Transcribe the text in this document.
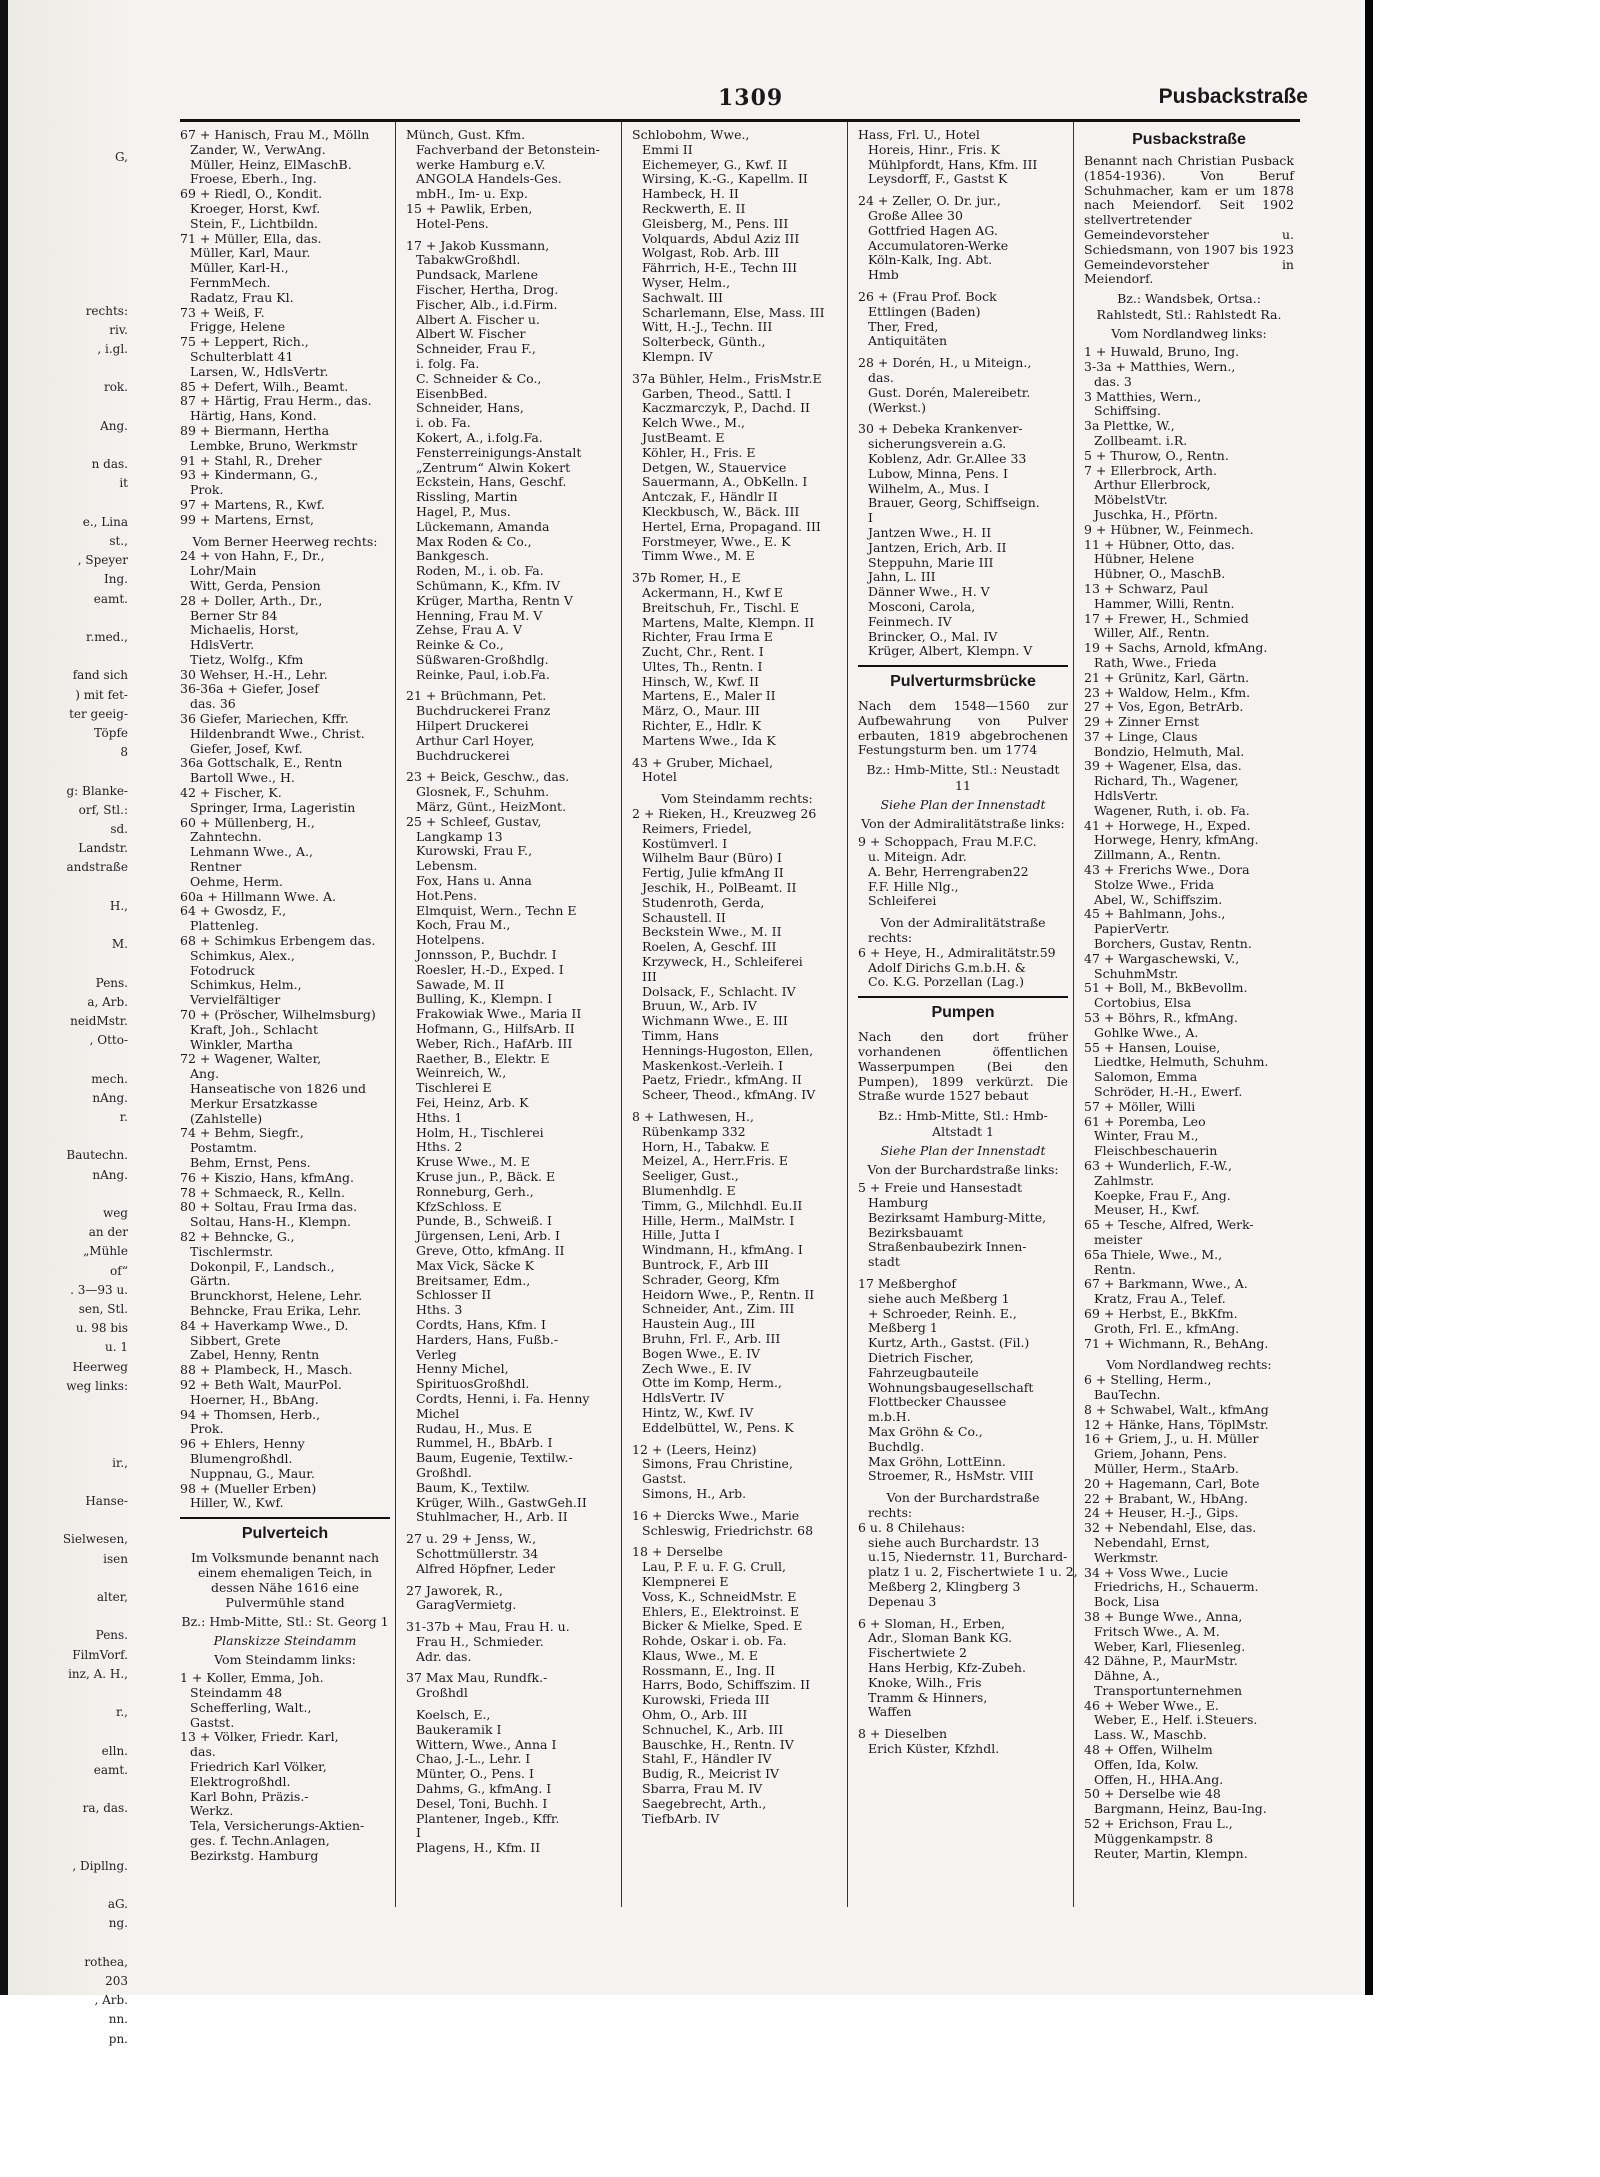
G,
rechts:
riv.
, i.gl.
rok.
Ang.
n das.
it
e., Lina
st.,
, Speyer
Ing.
eamt.
r.med.,
fand sich
) mit fet-
ter geeig-
Töpfe
8
g: Blanke-
orf, Stl.:
sd.
Landstr.
andstraße
H.,
M.
Pens.
a, Arb.
neidMstr.
, Otto-
mech.
nAng.
r.
Bautechn.
nAng.
weg
an der
„Mühle
of“
. 3—93 u.
sen, Stl.
u. 98 bis
u. 1
Heerweg
weg links:
ir.,
Hanse-
Sielwesen,
isen
alter,
Pens.
FilmVorf.
inz, A. H.,
r.,
elln.
eamt.
ra, das.
, Dipllng.
aG.
ng.
rothea,
203
, Arb.
nn.
pn.
1309	Pusbackstraße
67 + Hanisch, Frau M., Mölln
Zander, W., VerwAng.
Müller, Heinz, ElMaschB.
Froese, Eberh., Ing.
69 + Riedl, O., Kondit.
Kroeger, Horst, Kwf.
Stein, F., Lichtbildn.
71 + Müller, Ella, das.
Müller, Karl, Maur.
Müller, Karl-H.,
FernmMech.
Radatz, Frau Kl.
73 + Weiß, F.
Frigge, Helene
75 + Leppert, Rich.,
Schulterblatt 41
Larsen, W., HdlsVertr.
85 + Defert, Wilh., Beamt.
87 + Härtig, Frau Herm., das.
Härtig, Hans, Kond.
89 + Biermann, Hertha
Lembke, Bruno, Werkmstr
91 + Stahl, R., Dreher
93 + Kindermann, G.,
Prok.
97 + Martens, R., Kwf.
99 + Martens, Ernst,
Vom Berner Heerweg rechts:
24 + von Hahn, F., Dr.,
Lohr/Main
Witt, Gerda, Pension
28 + Doller, Arth., Dr.,
Berner Str 84
Michaelis, Horst,
HdlsVertr.
Tietz, Wolfg., Kfm
30 Wehser, H.-H., Lehr.
36-36a + Giefer, Josef
das. 36
36 Giefer, Mariechen, Kffr.
Hildenbrandt Wwe., Christ.
Giefer, Josef, Kwf.
36a Gottschalk, E., Rentn
Bartoll Wwe., H.
42 + Fischer, K.
Springer, Irma, Lageristin
60 + Müllenberg, H.,
Zahntechn.
Lehmann Wwe., A.,
Rentner
Oehme, Herm.
60a + Hillmann Wwe. A.
64 + Gwosdz, F.,
Plattenleg.
68 + Schimkus Erbengem das.
Schimkus, Alex.,
Fotodruck
Schimkus, Helm.,
Vervielfältiger
70 + (Pröscher, Wilhelmsburg)
Kraft, Joh., Schlacht
Winkler, Martha
72 + Wagener, Walter,
Ang.
Hanseatische von 1826 und
Merkur Ersatzkasse
(Zahlstelle)
74 + Behm, Siegfr.,
Postamtm.
Behm, Ernst, Pens.
76 + Kiszio, Hans, kfmAng.
78 + Schmaeck, R., Kelln.
80 + Soltau, Frau Irma das.
Soltau, Hans-H., Klempn.
82 + Behncke, G.,
Tischlermstr.
Dokonpil, F., Landsch.,
Gärtn.
Brunckhorst, Helene, Lehr.
Behncke, Frau Erika, Lehr.
84 + Haverkamp Wwe., D.
Sibbert, Grete
Zabel, Henny, Rentn
88 + Plambeck, H., Masch.
92 + Beth Walt, MaurPol.
Hoerner, H., BbAng.
94 + Thomsen, Herb.,
Prok.
96 + Ehlers, Henny
Blumengroßhdl.
Nuppnau, G., Maur.
98 + (Mueller Erben)
Hiller, W., Kwf.
Pulverteich
Im Volksmunde benannt nach einem ehemaligen Teich, in dessen Nähe 1616 eine Pulvermühle stand
Bz.: Hmb-Mitte, Stl.: St. Georg 1
Planskizze Steindamm
Vom Steindamm links:
1 + Koller, Emma, Joh.
Steindamm 48
Schefferling, Walt.,
Gastst.
13 + Völker, Friedr. Karl,
das.
Friedrich Karl Völker,
Elektrogroßhdl.
Karl Bohn, Präzis.-
Werkz.
Tela, Versicherungs-Aktien-
ges. f. Techn.Anlagen,
Bezirkstg. Hamburg
Münch, Gust. Kfm.
Fachverband der Betonstein-
werke Hamburg e.V.
ANGOLA Handels-Ges.
mbH., Im- u. Exp.
15 + Pawlik, Erben,
Hotel-Pens.
17 + Jakob Kussmann,
TabakwGroßhdl.
Pundsack, Marlene
Fischer, Hertha, Drog.
Fischer, Alb., i.d.Firm.
Albert A. Fischer u.
Albert W. Fischer
Schneider, Frau F.,
i. folg. Fa.
C. Schneider & Co.,
EisenbBed.
Schneider, Hans,
i. ob. Fa.
Kokert, A., i.folg.Fa.
Fensterreinigungs-Anstalt
„Zentrum“ Alwin Kokert
Eckstein, Hans, Geschf.
Rissling, Martin
Hagel, P., Mus.
Lückemann, Amanda
Max Roden & Co.,
Bankgesch.
Roden, M., i. ob. Fa.
Schümann, K., Kfm. IV
Krüger, Martha, Rentn V
Henning, Frau M. V
Zehse, Frau A. V
Reinke & Co.,
Süßwaren-Großhdlg.
Reinke, Paul, i.ob.Fa.
21 + Brüchmann, Pet.
Buchdruckerei Franz
Hilpert Druckerei
Arthur Carl Hoyer,
Buchdruckerei
23 + Beick, Geschw., das.
Glosnek, F., Schuhm.
März, Günt., HeizMont.
25 + Schleef, Gustav,
Langkamp 13
Kurowski, Frau F.,
Lebensm.
Fox, Hans u. Anna
Hot.Pens.
Elmquist, Wern., Techn E
Koch, Frau M.,
Hotelpens.
Jonnsson, P., Buchdr. I
Roesler, H.-D., Exped. I
Sawade, M. II
Bulling, K., Klempn. I
Frakowiak Wwe., Maria II
Hofmann, G., HilfsArb. II
Weber, Rich., HafArb. III
Raether, B., Elektr. E
Weinreich, W.,
Tischlerei E
Fei, Heinz, Arb. K
Hths. 1
Holm, H., Tischlerei
Hths. 2
Kruse Wwe., M. E
Kruse jun., P., Bäck. E
Ronneburg, Gerh.,
KfzSchloss. E
Punde, B., Schweiß. I
Jürgensen, Leni, Arb. I
Greve, Otto, kfmAng. II
Max Vick, Säcke K
Breitsamer, Edm.,
Schlosser II
Hths. 3
Cordts, Hans, Kfm. I
Harders, Hans, Fußb.-
Verleg
Henny Michel,
SpirituosGroßhdl.
Cordts, Henni, i. Fa. Henny
Michel
Rudau, H., Mus. E
Rummel, H., BbArb. I
Baum, Eugenie, Textilw.-
Großhdl.
Baum, K., Textilw.
Krüger, Wilh., GastwGeh.II
Stuhlmacher, H., Arb. II
27 u. 29 + Jenss, W.,
Schottmüllerstr. 34
Alfred Höpfner, Leder
27 Jaworek, R.,
GaragVermietg.
31-37b + Mau, Frau H. u.
Frau H., Schmieder.
Adr. das.
37 Max Mau, Rundfk.-
Großhdl
Koelsch, E.,
Baukeramik I
Wittern, Wwe., Anna I
Chao, J.-L., Lehr. I
Münter, O., Pens. I
Dahms, G., kfmAng. I
Desel, Toni, Buchh. I
Plantener, Ingeb., Kffr.
I
Plagens, H., Kfm. II
Schlobohm, Wwe.,
Emmi II
Eichemeyer, G., Kwf. II
Wirsing, K.-G., Kapellm. II
Hambeck, H. II
Reckwerth, E. II
Gleisberg, M., Pens. III
Volquards, Abdul Aziz III
Wolgast, Rob. Arb. III
Fährrich, H-E., Techn III
Wyser, Helm.,
Sachwalt. III
Scharlemann, Else, Mass. III
Witt, H.-J., Techn. III
Solterbeck, Günth.,
Klempn. IV
37a Bühler, Helm., FrisMstr.E
Garben, Theod., Sattl. I
Kaczmarczyk, P., Dachd. II
Kelch Wwe., M.,
JustBeamt. E
Köhler, H., Fris. E
Detgen, W., Stauervice
Sauermann, A., ObKelln. I
Antczak, F., Händlr II
Kleckbusch, W., Bäck. III
Hertel, Erna, Propagand. III
Forstmeyer, Wwe., E. K
Timm Wwe., M. E
37b Romer, H., E
Ackermann, H., Kwf E
Breitschuh, Fr., Tischl. E
Martens, Malte, Klempn. II
Richter, Frau Irma E
Zucht, Chr., Rent. I
Ultes, Th., Rentn. I
Hinsch, W., Kwf. II
Martens, E., Maler II
März, O., Maur. III
Richter, E., Hdlr. K
Martens Wwe., Ida K
43 + Gruber, Michael,
Hotel
Vom Steindamm rechts:
2 + Rieken, H., Kreuzweg 26
Reimers, Friedel,
Kostümverl. I
Wilhelm Baur (Büro) I
Fertig, Julie kfmAng II
Jeschik, H., PolBeamt. II
Studenroth, Gerda,
Schaustell. II
Beckstein Wwe., M. II
Roelen, A, Geschf. III
Krzyweck, H., Schleiferei
III
Dolsack, F., Schlacht. IV
Bruun, W., Arb. IV
Wichmann Wwe., E. III
Timm, Hans
Hennings-Hugoston, Ellen,
Maskenkost.-Verleih. I
Paetz, Friedr., kfmAng. II
Scheer, Theod., kfmAng. IV
8 + Lathwesen, H.,
Rübenkamp 332
Horn, H., Tabakw. E
Meizel, A., Herr.Fris. E
Seeliger, Gust.,
Blumenhdlg. E
Timm, G., Milchhdl. Eu.II
Hille, Herm., MalMstr. I
Hille, Jutta I
Windmann, H., kfmAng. I
Buntrock, F., Arb III
Schrader, Georg, Kfm
Heidorn Wwe., P., Rentn. II
Schneider, Ant., Zim. III
Haustein Aug., III
Bruhn, Frl. F., Arb. III
Bogen Wwe., E. IV
Zech Wwe., E. IV
Otte im Komp, Herm.,
HdlsVertr. IV
Hintz, W., Kwf. IV
Eddelbüttel, W., Pens. K
12 + (Leers, Heinz)
Simons, Frau Christine,
Gastst.
Simons, H., Arb.
16 + Diercks Wwe., Marie
Schleswig, Friedrichstr. 68
18 + Derselbe
Lau, P. F. u. F. G. Crull,
Klempnerei E
Voss, K., SchneidMstr. E
Ehlers, E., Elektroinst. E
Bicker & Mielke, Sped. E
Rohde, Oskar i. ob. Fa.
Klaus, Wwe., M. E
Rossmann, E., Ing. II
Harrs, Bodo, Schiffszim. II
Kurowski, Frieda III
Ohm, O., Arb. III
Schnuchel, K., Arb. III
Bauschke, H., Rentn. IV
Stahl, F., Händler IV
Budig, R., Meicrist IV
Sbarra, Frau M. IV
Saegebrecht, Arth.,
TiefbArb. IV
Hass, Frl. U., Hotel
Horeis, Hinr., Fris. K
Mühlpfordt, Hans, Kfm. III
Leysdorff, F., Gastst K
24 + Zeller, O. Dr. jur.,
Große Allee 30
Gottfried Hagen AG.
Accumulatoren-Werke
Köln-Kalk, Ing. Abt.
Hmb
26 + (Frau Prof. Bock
Ettlingen (Baden)
Ther, Fred,
Antiquitäten
28 + Dorén, H., u Miteign.,
das.
Gust. Dorén, Malereibetr.
(Werkst.)
30 + Debeka Krankenver-
sicherungsverein a.G.
Koblenz, Adr. Gr.Allee 33
Lubow, Minna, Pens. I
Wilhelm, A., Mus. I
Brauer, Georg, Schiffseign.
I
Jantzen Wwe., H. II
Jantzen, Erich, Arb. II
Steppuhn, Marie III
Jahn, L. III
Dänner Wwe., H. V
Mosconi, Carola,
Feinmech. IV
Brincker, O., Mal. IV
Krüger, Albert, Klempn. V
Pulverturmsbrücke
Nach dem 1548—1560 zur Aufbewahrung von Pulver erbauten, 1819 abgebrochenen Festungsturm ben. um 1774
Bz.: Hmb-Mitte, Stl.: Neustadt 11
Siehe Plan der Innenstadt
Von der Admiralitätstraße links:
9 + Schoppach, Frau M.F.C.
u. Miteign. Adr.
A. Behr, Herrengraben22
F.F. Hille Nlg.,
Schleiferei
Von der Admiralitätstraße
rechts:
6 + Heye, H., Admiralitätstr.59
Adolf Dirichs G.m.b.H. &
Co. K.G. Porzellan (Lag.)
Pumpen
Nach den dort früher vorhandenen öffentlichen Wasserpumpen (Bei den Pumpen), 1899 verkürzt. Die Straße wurde 1527 bebaut
Bz.: Hmb-Mitte, Stl.: Hmb-Altstadt 1
Siehe Plan der Innenstadt
Von der Burchardstraße links:
5 + Freie und Hansestadt
Hamburg
Bezirksamt Hamburg-Mitte,
Bezirksbauamt
Straßenbaubezirk Innen-
stadt
17 Meßberghof
siehe auch Meßberg 1
+ Schroeder, Reinh. E.,
Meßberg 1
Kurtz, Arth., Gastst. (Fil.)
Dietrich Fischer,
Fahrzeugbauteile
Wohnungsbaugesellschaft
Flottbecker Chaussee
m.b.H.
Max Gröhn & Co.,
Buchdlg.
Max Gröhn, LottEinn.
Stroemer, R., HsMstr. VIII
Von der Burchardstraße
rechts:
6 u. 8 Chilehaus:
siehe auch Burchardstr. 13
u.15, Niedernstr. 11, Burchard-
platz 1 u. 2, Fischertwiete 1 u. 2,
Meßberg 2, Klingberg 3
Depenau 3
6 + Sloman, H., Erben,
Adr., Sloman Bank KG.
Fischertwiete 2
Hans Herbig, Kfz-Zubeh.
Knoke, Wilh., Fris
Tramm & Hinners,
Waffen
8 + Dieselben
Erich Küster, Kfzhdl.
Pusbackstraße
Benannt nach Christian Pusback (1854-1936). Von Beruf Schuhmacher, kam er um 1878 nach Meiendorf. Seit 1902 stellvertretender Gemeindevorsteher u. Schiedsmann, von 1907 bis 1923 Gemeindevorsteher in Meiendorf.
Bz.: Wandsbek, Ortsa.: Rahlstedt, Stl.: Rahlstedt Ra.
Vom Nordlandweg links:
1 + Huwald, Bruno, Ing.
3-3a + Matthies, Wern.,
das. 3
3 Matthies, Wern.,
Schiffsing.
3a Plettke, W.,
Zollbeamt. i.R.
5 + Thurow, O., Rentn.
7 + Ellerbrock, Arth.
Arthur Ellerbrock,
MöbelstVtr.
Juschka, H., Pförtn.
9 + Hübner, W., Feinmech.
11 + Hübner, Otto, das.
Hübner, Helene
Hübner, O., MaschB.
13 + Schwarz, Paul
Hammer, Willi, Rentn.
17 + Frewer, H., Schmied
Willer, Alf., Rentn.
19 + Sachs, Arnold, kfmAng.
Rath, Wwe., Frieda
21 + Grünitz, Karl, Gärtn.
23 + Waldow, Helm., Kfm.
27 + Vos, Egon, BetrArb.
29 + Zinner Ernst
37 + Linge, Claus
Bondzio, Helmuth, Mal.
39 + Wagener, Elsa, das.
Richard, Th., Wagener,
HdlsVertr.
Wagener, Ruth, i. ob. Fa.
41 + Horwege, H., Exped.
Horwege, Henry, kfmAng.
Zillmann, A., Rentn.
43 + Frerichs Wwe., Dora
Stolze Wwe., Frida
Abel, W., Schiffszim.
45 + Bahlmann, Johs.,
PapierVertr.
Borchers, Gustav, Rentn.
47 + Wargaschewski, V.,
SchuhmMstr.
51 + Boll, M., BkBevollm.
Cortobius, Elsa
53 + Böhrs, R., kfmAng.
Gohlke Wwe., A.
55 + Hansen, Louise,
Liedtke, Helmuth, Schuhm.
Salomon, Emma
Schröder, H.-H., Ewerf.
57 + Möller, Willi
61 + Poremba, Leo
Winter, Frau M.,
Fleischbeschauerin
63 + Wunderlich, F.-W.,
Zahlmstr.
Koepke, Frau F., Ang.
Meuser, H., Kwf.
65 + Tesche, Alfred, Werk-
meister
65a Thiele, Wwe., M.,
Rentn.
67 + Barkmann, Wwe., A.
Kratz, Frau A., Telef.
69 + Herbst, E., BkKfm.
Groth, Frl. E., kfmAng.
71 + Wichmann, R., BehAng.
Vom Nordlandweg rechts:
6 + Stelling, Herm.,
BauTechn.
8 + Schwabel, Walt., kfmAng
12 + Hänke, Hans, TöplMstr.
16 + Griem, J., u. H. Müller
Griem, Johann, Pens.
Müller, Herm., StaArb.
20 + Hagemann, Carl, Bote
22 + Brabant, W., HbAng.
24 + Heuser, H.-J., Gips.
32 + Nebendahl, Else, das.
Nebendahl, Ernst,
Werkmstr.
34 + Voss Wwe., Lucie
Friedrichs, H., Schauerm.
Bock, Lisa
38 + Bunge Wwe., Anna,
Fritsch Wwe., A. M.
Weber, Karl, Fliesenleg.
42 Dähne, P., MaurMstr.
Dähne, A.,
Transportunternehmen
46 + Weber Wwe., E.
Weber, E., Helf. i.Steuers.
Lass. W., Maschb.
48 + Offen, Wilhelm
Offen, Ida, Kolw.
Offen, H., HHA.Ang.
50 + Derselbe wie 48
Bargmann, Heinz, Bau-Ing.
52 + Erichson, Frau L.,
Müggenkampstr. 8
Reuter, Martin, Klempn.
